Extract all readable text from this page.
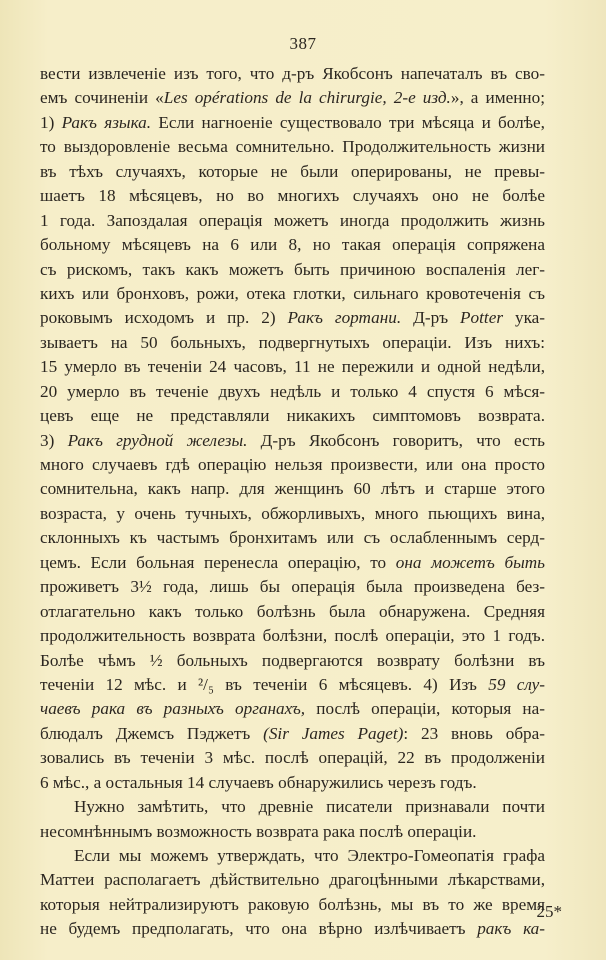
387
вести извлеченіе изъ того, что д-ръ Якобсонъ напечаталъ въ сво-
емъ сочиненіи «Les opérations de la chirurgie, 2-е изд.», а именно;
1) Ракъ языка. Если нагноеніе существовало три мѣсяца и болѣе,
то выздоровленіе весьма сомнительно. Продолжительность жизни
въ тѣхъ случаяхъ, которые не были оперированы, не превы-
шаетъ 18 мѣсяцевъ, но во многихъ случаяхъ оно не болѣе
1 года. Запоздалая операція можетъ иногда продолжить жизнь
больному мѣсяцевъ на 6 или 8, но такая операція сопряжена
съ рискомъ, такъ какъ можетъ быть причиною воспаленія лег-
кихъ или бронховъ, рожи, отека глотки, сильнаго кровотеченія съ
роковымъ исходомъ и пр. 2) Ракъ гортани. Д-ръ Potter ука-
зываетъ на 50 больныхъ, подвергнутыхъ операціи. Изъ нихъ:
15 умерло въ теченіи 24 часовъ, 11 не пережили и одной недѣли,
20 умерло въ теченіе двухъ недѣль и только 4 спустя 6 мѣся-
цевъ еще не представляли никакихъ симптомовъ возврата.
3) Ракъ грудной железы. Д-ръ Якобсонъ говоритъ, что есть
много случаевъ гдѣ операцію нельзя произвести, или она просто
сомнительна, какъ напр. для женщинъ 60 лѣтъ и старше этого
возраста, у очень тучныхъ, обжорливыхъ, много пьющихъ вина,
склонныхъ къ частымъ бронхитамъ или съ ослабленнымъ серд-
цемъ. Если больная перенесла операцію, то она можетъ быть
проживетъ 3½ года, лишь бы операція была произведена без-
отлагательно какъ только болѣзнь была обнаружена. Средняя
продолжительность возврата болѣзни, послѣ операціи, это 1 годъ.
Болѣе чѣмъ ½ больныхъ подвергаются возврату болѣзни въ
теченіи 12 мѣс. и ²/₅ въ теченіи 6 мѣсяцевъ. 4) Изъ 59 слу-
чаевъ рака въ разныхъ органахъ, послѣ операціи, которыя на-
блюдалъ Джемсъ Пэджетъ (Sir James Paget): 23 вновь обра-
зовались въ теченіи 3 мѣс. послѣ операцій, 22 въ продолженіи
6 мѣс., а остальныя 14 случаевъ обнаружились черезъ годъ.
Нужно замѣтить, что древніе писатели признавали почти
несомнѣннымъ возможность возврата рака послѣ операціи.
Если мы можемъ утверждать, что Электро-Гомеопатія графа
Маттеи располагаетъ дѣйствительно драгоцѣнными лѣкарствами,
которыя нейтрализируютъ раковую болѣзнь, мы въ то же время
не будемъ предполагать, что она вѣрно излѣчиваетъ ракъ ка-
25*
